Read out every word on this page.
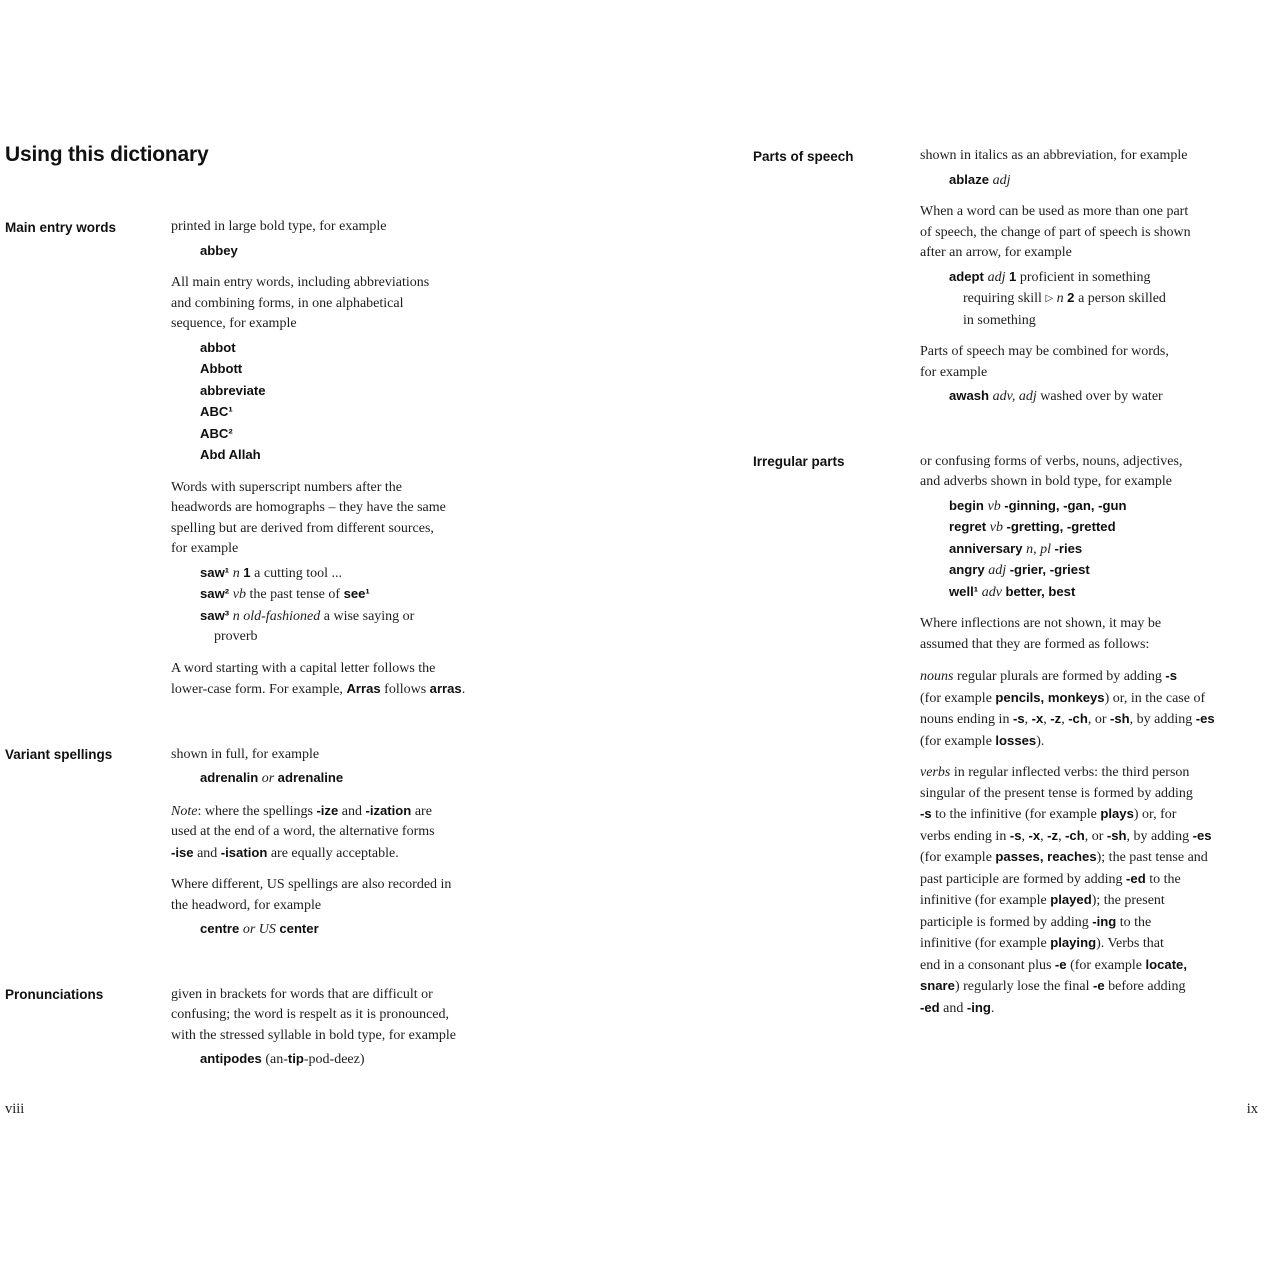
Using this dictionary
Main entry words	printed in large bold type, for example
abbey
All main entry words, including abbreviations
and combining forms, in one alphabetical
sequence, for example
abbot
Abbott
abbreviate
ABC¹
ABC²
Abd Allah
Words with superscript numbers after the
headwords are homographs – they have the same
spelling but are derived from different sources,
for example
saw¹ n 1 a cutting tool ...
saw² vb the past tense of see¹
saw³ n old-fashioned a wise saying or
proverb
A word starting with a capital letter follows the
lower-case form. For example, Arras follows arras.
Variant spellings	shown in full, for example
adrenalin or adrenaline
Note: where the spellings -ize and -ization are
used at the end of a word, the alternative forms
-ise and -isation are equally acceptable.
Where different, US spellings are also recorded in
the headword, for example
centre or US center
Pronunciations	given in brackets for words that are difficult or
confusing; the word is respelt as it is pronounced,
with the stressed syllable in bold type, for example
antipodes (an-tip-pod-deez)
Parts of speech	shown in italics as an abbreviation, for example
ablaze adj
When a word can be used as more than one part
of speech, the change of part of speech is shown
after an arrow, for example
adept adj 1 proficient in something
requiring skill ▷ n 2 a person skilled
in something
Parts of speech may be combined for words,
for example
awash adv, adj washed over by water
Irregular parts	or confusing forms of verbs, nouns, adjectives,
and adverbs shown in bold type, for example
begin vb -ginning, -gan, -gun
regret vb -gretting, -gretted
anniversary n, pl -ries
angry adj -grier, -griest
well¹ adv better, best
Where inflections are not shown, it may be
assumed that they are formed as follows:
nouns regular plurals are formed by adding -s
(for example pencils, monkeys) or, in the case of
nouns ending in -s, -x, -z, -ch, or -sh, by adding -es
(for example losses).
verbs in regular inflected verbs: the third person
singular of the present tense is formed by adding
-s to the infinitive (for example plays) or, for
verbs ending in -s, -x, -z, -ch, or -sh, by adding -es
(for example passes, reaches); the past tense and
past participle are formed by adding -ed to the
infinitive (for example played); the present
participle is formed by adding -ing to the
infinitive (for example playing). Verbs that
end in a consonant plus -e (for example locate,
snare) regularly lose the final -e before adding
-ed and -ing.
viii	ix
